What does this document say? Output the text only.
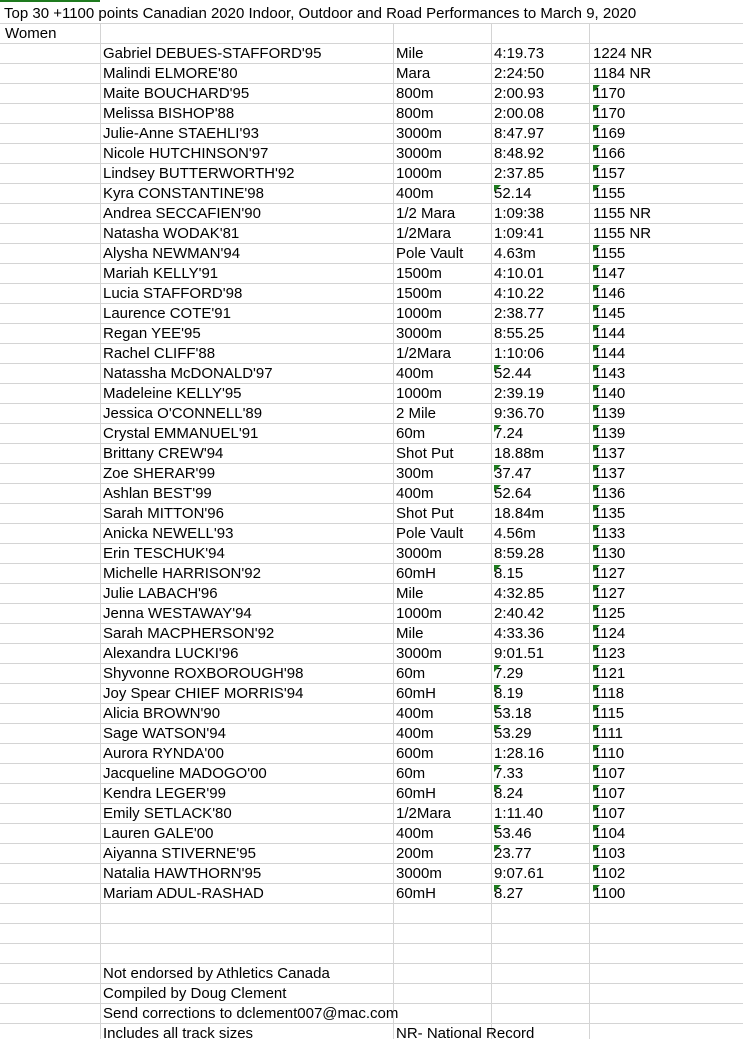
Top 30 +1100 points Canadian 2020 Indoor, Outdoor and Road Performances to March 9, 2020
Women
Gabriel DEBUES-STAFFORD'95	Mile	4:19.73	1224 NR
Malindi ELMORE'80	Mara	2:24:50	1184 NR
Maite BOUCHARD'95	800m	2:00.93	1170
Melissa BISHOP'88	800m	2:00.08	1170
Julie-Anne STAEHLI'93	3000m	8:47.97	1169
Nicole HUTCHINSON'97	3000m	8:48.92	1166
Lindsey BUTTERWORTH'92	1000m	2:37.85	1157
Kyra CONSTANTINE'98	400m	52.14	1155
Andrea SECCAFIEN'90	1/2 Mara	1:09:38	1155 NR
Natasha WODAK'81	1/2Mara	1:09:41	1155 NR
Alysha NEWMAN'94	Pole Vault 4.63m	1155
Mariah KELLY'91	1500m	4:10.01	1147
Lucia STAFFORD'98	1500m	4:10.22	1146
Laurence COTE'91	1000m	2:38.77	1145
Regan YEE'95	3000m	8:55.25	1144
Rachel CLIFF'88	1/2Mara	1:10:06	1144
Natassha McDONALD'97	400m	52.44	1143
Madeleine KELLY'95	1000m	2:39.19	1140
Jessica O'CONNELL'89	2 Mile	9:36.70	1139
Crystal EMMANUEL'91	60m	7.24	1139
Brittany CREW'94	Shot Put	18.88m	1137
Zoe SHERAR'99	300m	37.47	1137
Ashlan BEST'99	400m	52.64	1136
Sarah MITTON'96	Shot Put	18.84m	1135
Anicka NEWELL'93	Pole Vault 4.56m	1133
Erin TESCHUK'94	3000m	8:59.28	1130
Michelle HARRISON'92	60mH	8.15	1127
Julie LABACH'96	Mile	4:32.85	1127
Jenna WESTAWAY'94	1000m	2:40.42	1125
Sarah MACPHERSON'92	Mile	4:33.36	1124
Alexandra LUCKI'96	3000m	9:01.51	1123
Shyvonne ROXBOROUGH'98	60m	7.29	1121
Joy Spear CHIEF MORRIS'94	60mH	8.19	1118
Alicia BROWN'90	400m	53.18	1115
Sage WATSON'94	400m	53.29	1111
Aurora RYNDA'00	600m	1:28.16	1110
Jacqueline MADOGO'00	60m	7.33	1107
Kendra LEGER'99	60mH	8.24	1107
Emily SETLACK'80	1/2Mara	1:11.40	1107
Lauren GALE'00	400m	53.46	1104
Aiyanna STIVERNE'95	200m	23.77	1103
Natalia HAWTHORN'95	3000m	9:07.61	1102
Mariam ADUL-RASHAD	60mH	8.27	1100
Not endorsed by Athletics Canada
Compiled by Doug Clement
Send corrections to dclement007@mac.com
Includes all track sizes	NR- National Record
